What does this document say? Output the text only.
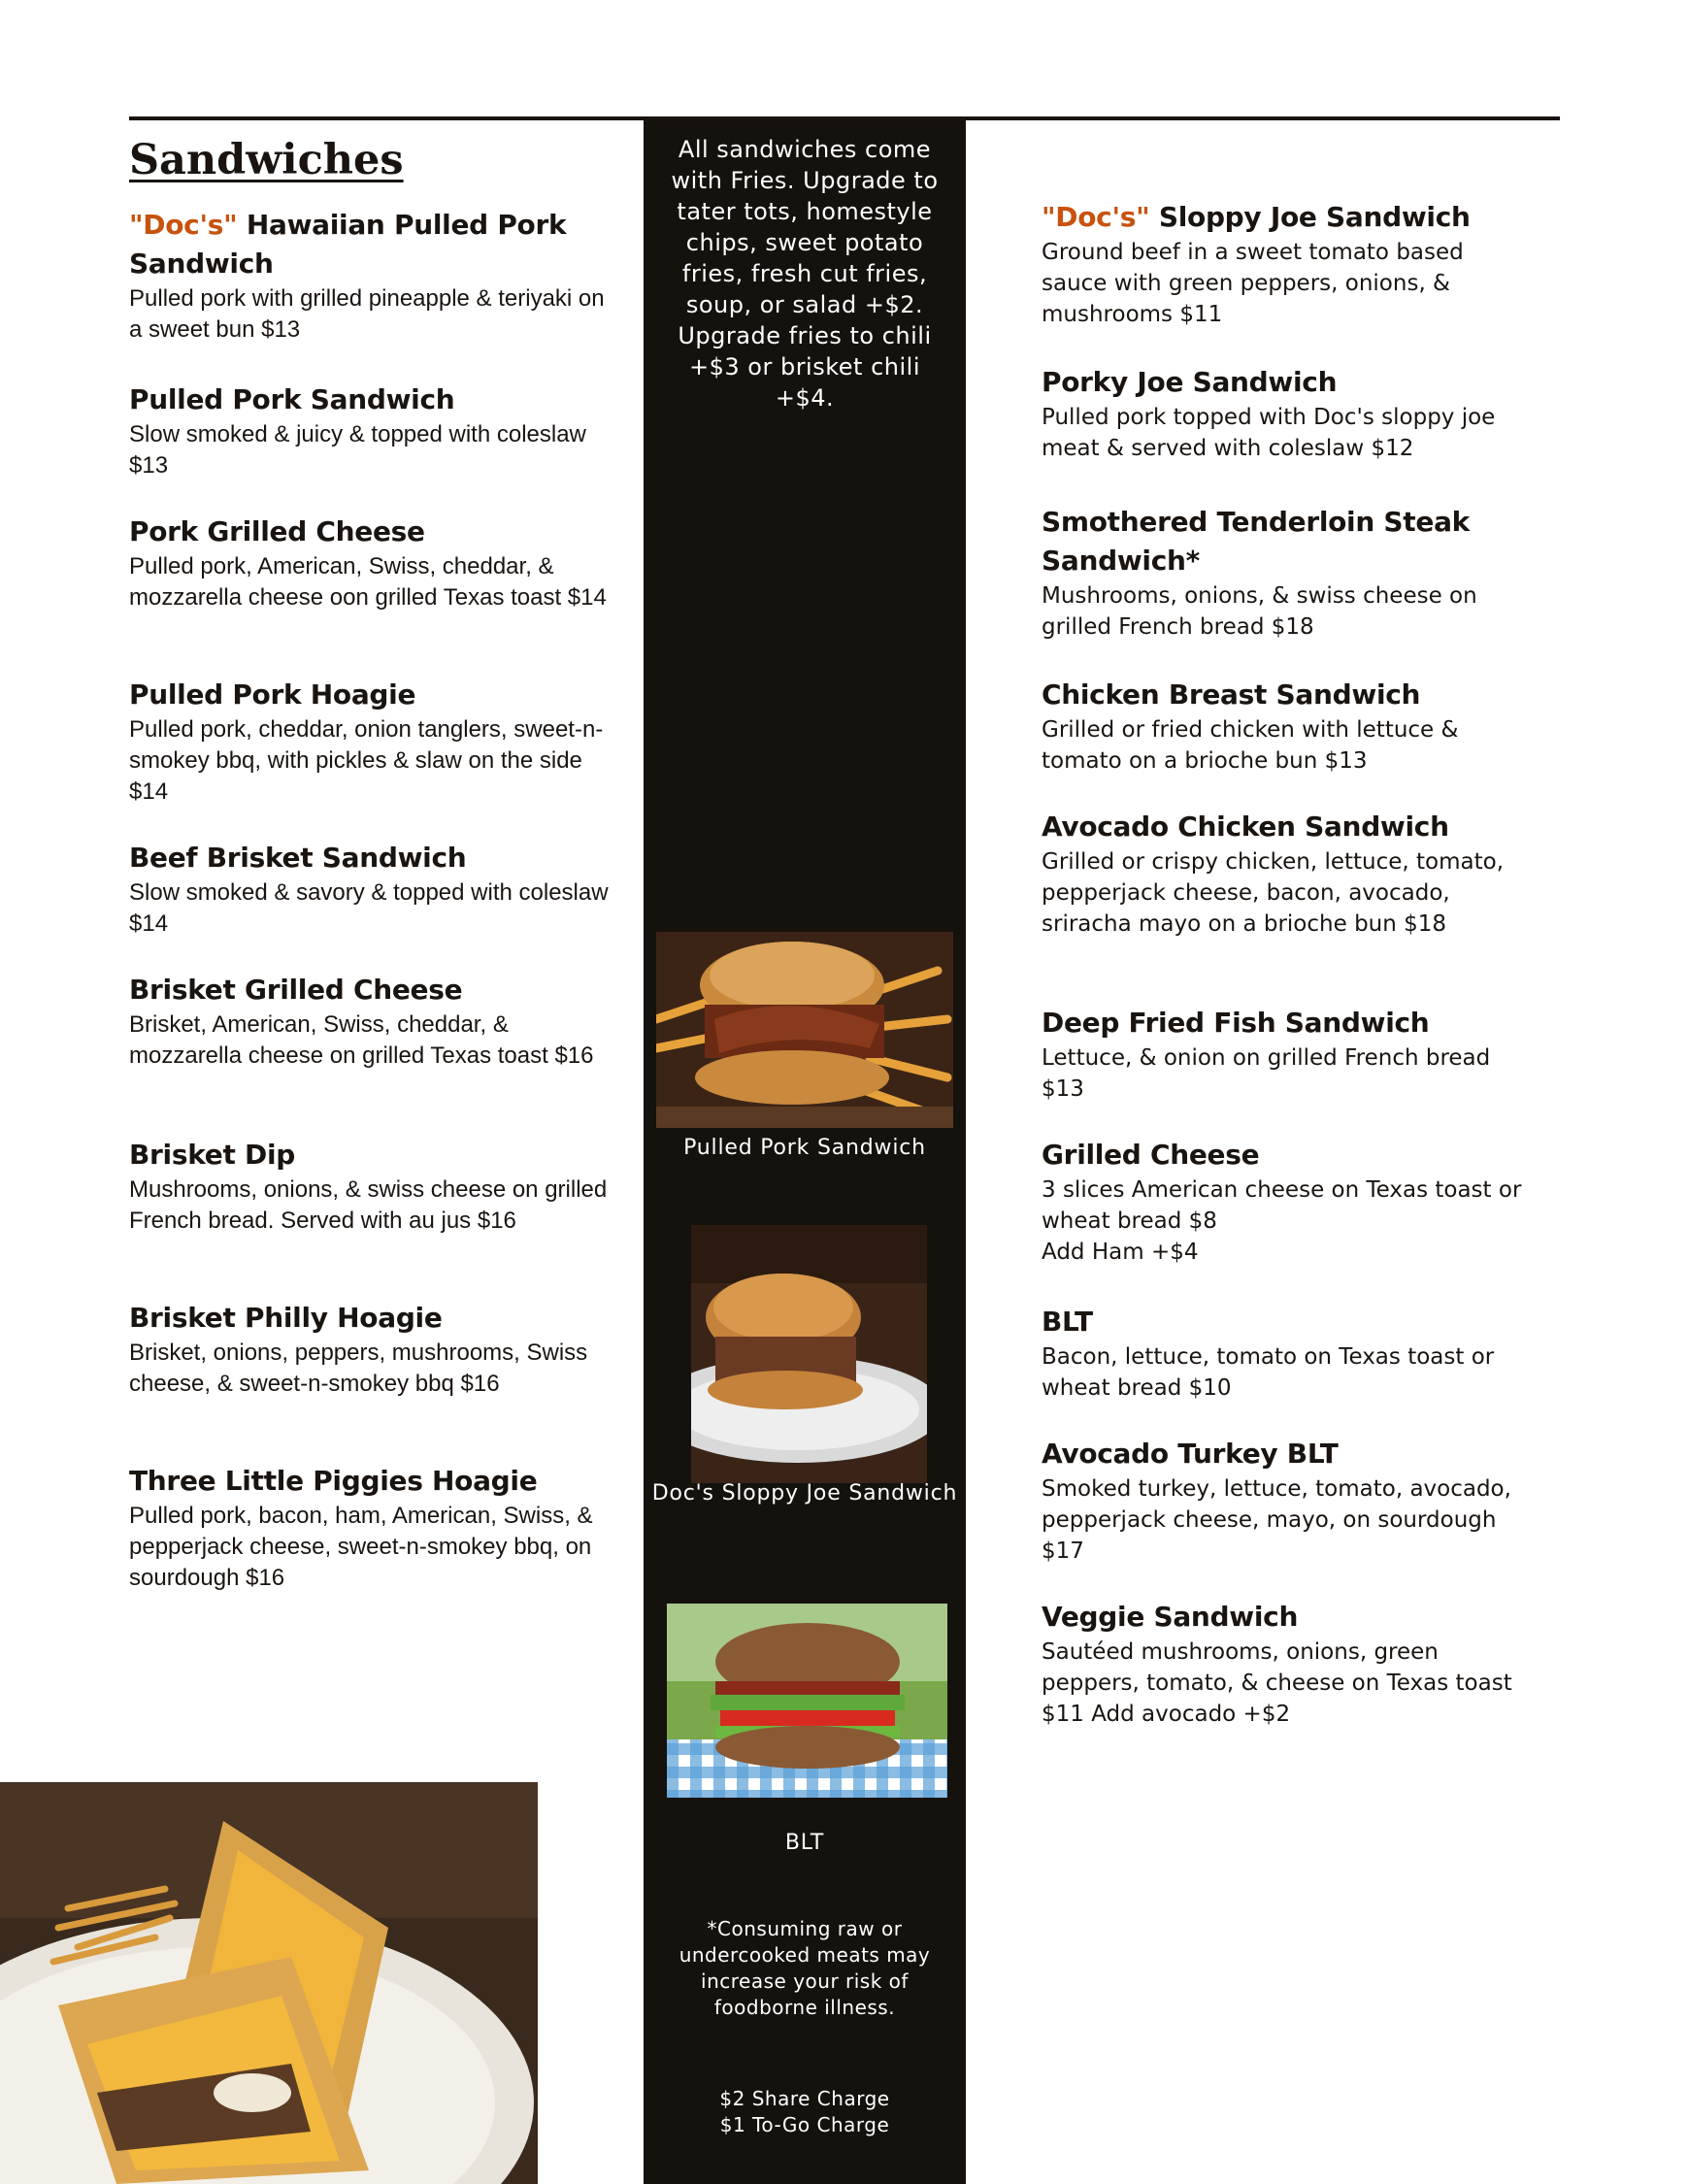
Sandwiches
"Doc's" Hawaiian Pulled Pork Sandwich
Pulled pork with grilled pineapple & teriyaki on a sweet bun $13
Pulled Pork Sandwich
Slow smoked & juicy & topped with coleslaw $13
Pork Grilled Cheese
Pulled pork, American, Swiss, cheddar, & mozzarella cheese oon grilled Texas toast $14
Pulled Pork Hoagie
Pulled pork, cheddar, onion tanglers, sweet-n-smokey bbq, with pickles & slaw on the side $14
Beef Brisket Sandwich
Slow smoked & savory & topped with coleslaw $14
Brisket Grilled Cheese
Brisket, American, Swiss, cheddar, & mozzarella cheese on grilled Texas toast $16
Brisket Dip
Mushrooms, onions, & swiss cheese on grilled French bread. Served with au jus $16
Brisket Philly Hoagie
Brisket, onions, peppers, mushrooms, Swiss cheese, & sweet-n-smokey bbq $16
Three Little Piggies Hoagie
Pulled pork, bacon, ham, American, Swiss, & pepperjack cheese, sweet-n-smokey bbq, on sourdough $16
All sandwiches come with Fries. Upgrade to tater tots, homestyle chips, sweet potato fries, fresh cut fries, soup, or salad +$2. Upgrade fries to chili +$3 or brisket chili +$4.
Pulled Pork Sandwich
Doc's Sloppy Joe Sandwich
BLT
*Consuming raw or undercooked meats may increase your risk of foodborne illness.
$2 Share Charge
$1 To-Go Charge
"Doc's" Sloppy Joe Sandwich
Ground beef in a sweet tomato based sauce with green peppers, onions, & mushrooms $11
Porky Joe Sandwich
Pulled pork topped with Doc's sloppy joe meat & served with coleslaw $12
Smothered Tenderloin Steak Sandwich*
Mushrooms, onions, & swiss cheese on grilled French bread $18
Chicken Breast Sandwich
Grilled or fried chicken with lettuce & tomato on a brioche bun $13
Avocado Chicken Sandwich
Grilled or crispy chicken, lettuce, tomato, pepperjack cheese, bacon, avocado, sriracha mayo on a brioche bun $18
Deep Fried Fish Sandwich
Lettuce, & onion on grilled French bread $13
Grilled Cheese
3 slices American cheese on Texas toast or wheat bread $8
Add Ham +$4
BLT
Bacon, lettuce, tomato on Texas toast or wheat bread $10
Avocado Turkey BLT
Smoked turkey, lettuce, tomato, avocado, pepperjack cheese, mayo, on sourdough $17
Veggie Sandwich
Sautéed mushrooms, onions, green peppers, tomato, & cheese on Texas toast $11 Add avocado +$2
